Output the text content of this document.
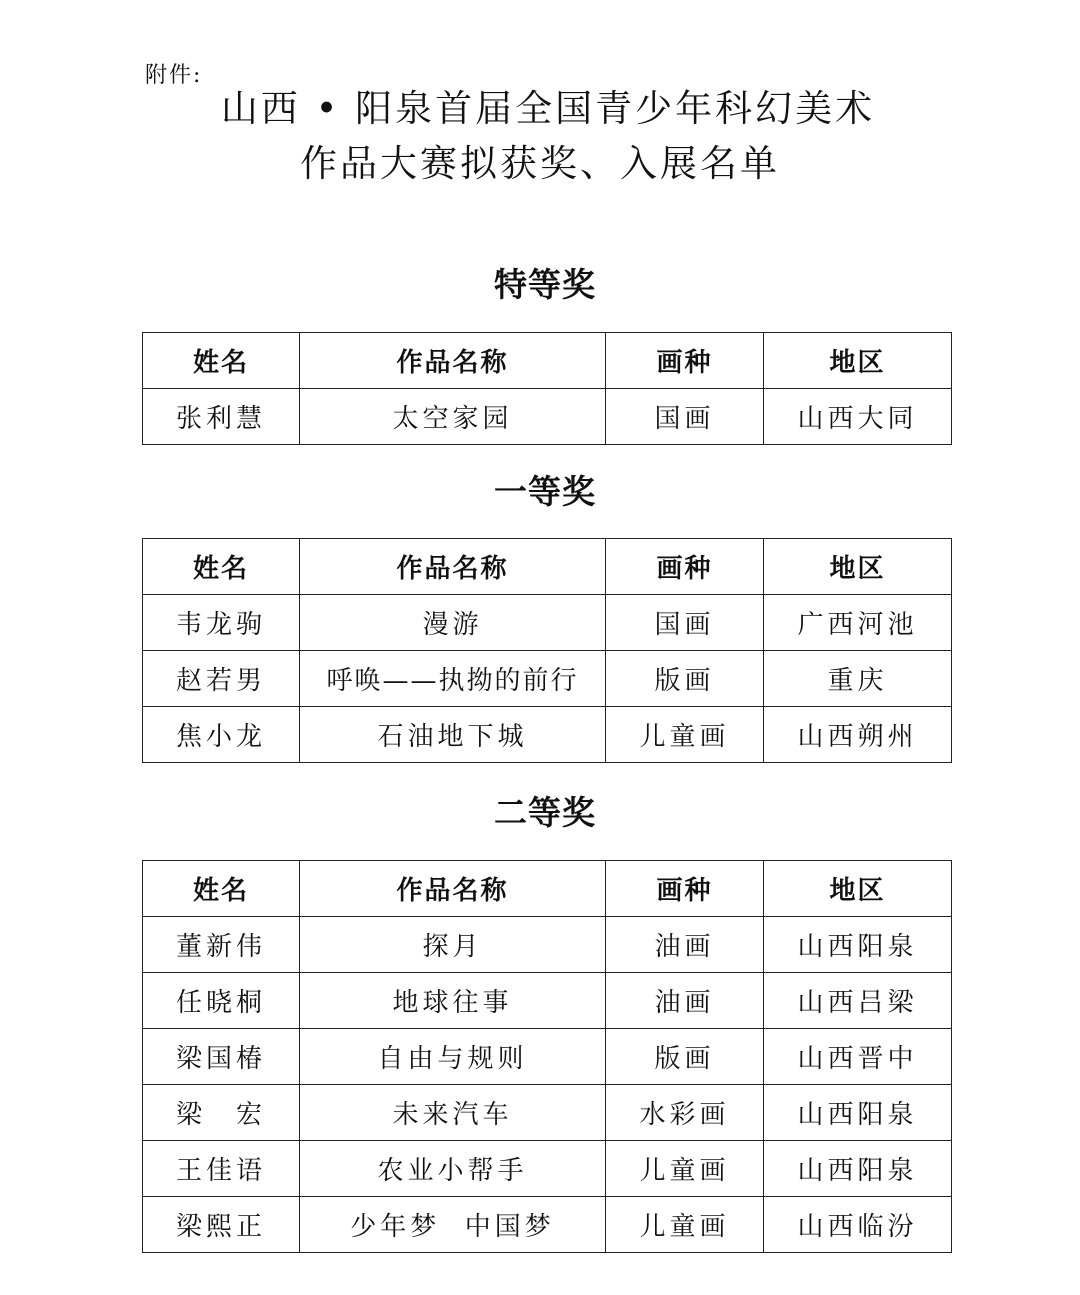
附件:
山西 • 阳泉首届全国青少年科幻美术
作品大赛拟获奖、入展名单
特等奖
姓名	作品名称	画种	地区
张利慧	太空家园	国画	山西大同
一等奖
姓名	作品名称	画种	地区
韦龙驹	漫游	国画	广西河池
赵若男	呼唤——执拗的前行	版画	重庆
焦小龙	石油地下城	儿童画	山西朔州
二等奖
姓名	作品名称	画种	地区
董新伟	探月	油画	山西阳泉
任晓桐	地球往事	油画	山西吕梁
梁国椿	自由与规则	版画	山西晋中
梁　宏	未来汽车	水彩画	山西阳泉
王佳语	农业小帮手	儿童画	山西阳泉
梁熙正	少年梦  中国梦	儿童画	山西临汾
